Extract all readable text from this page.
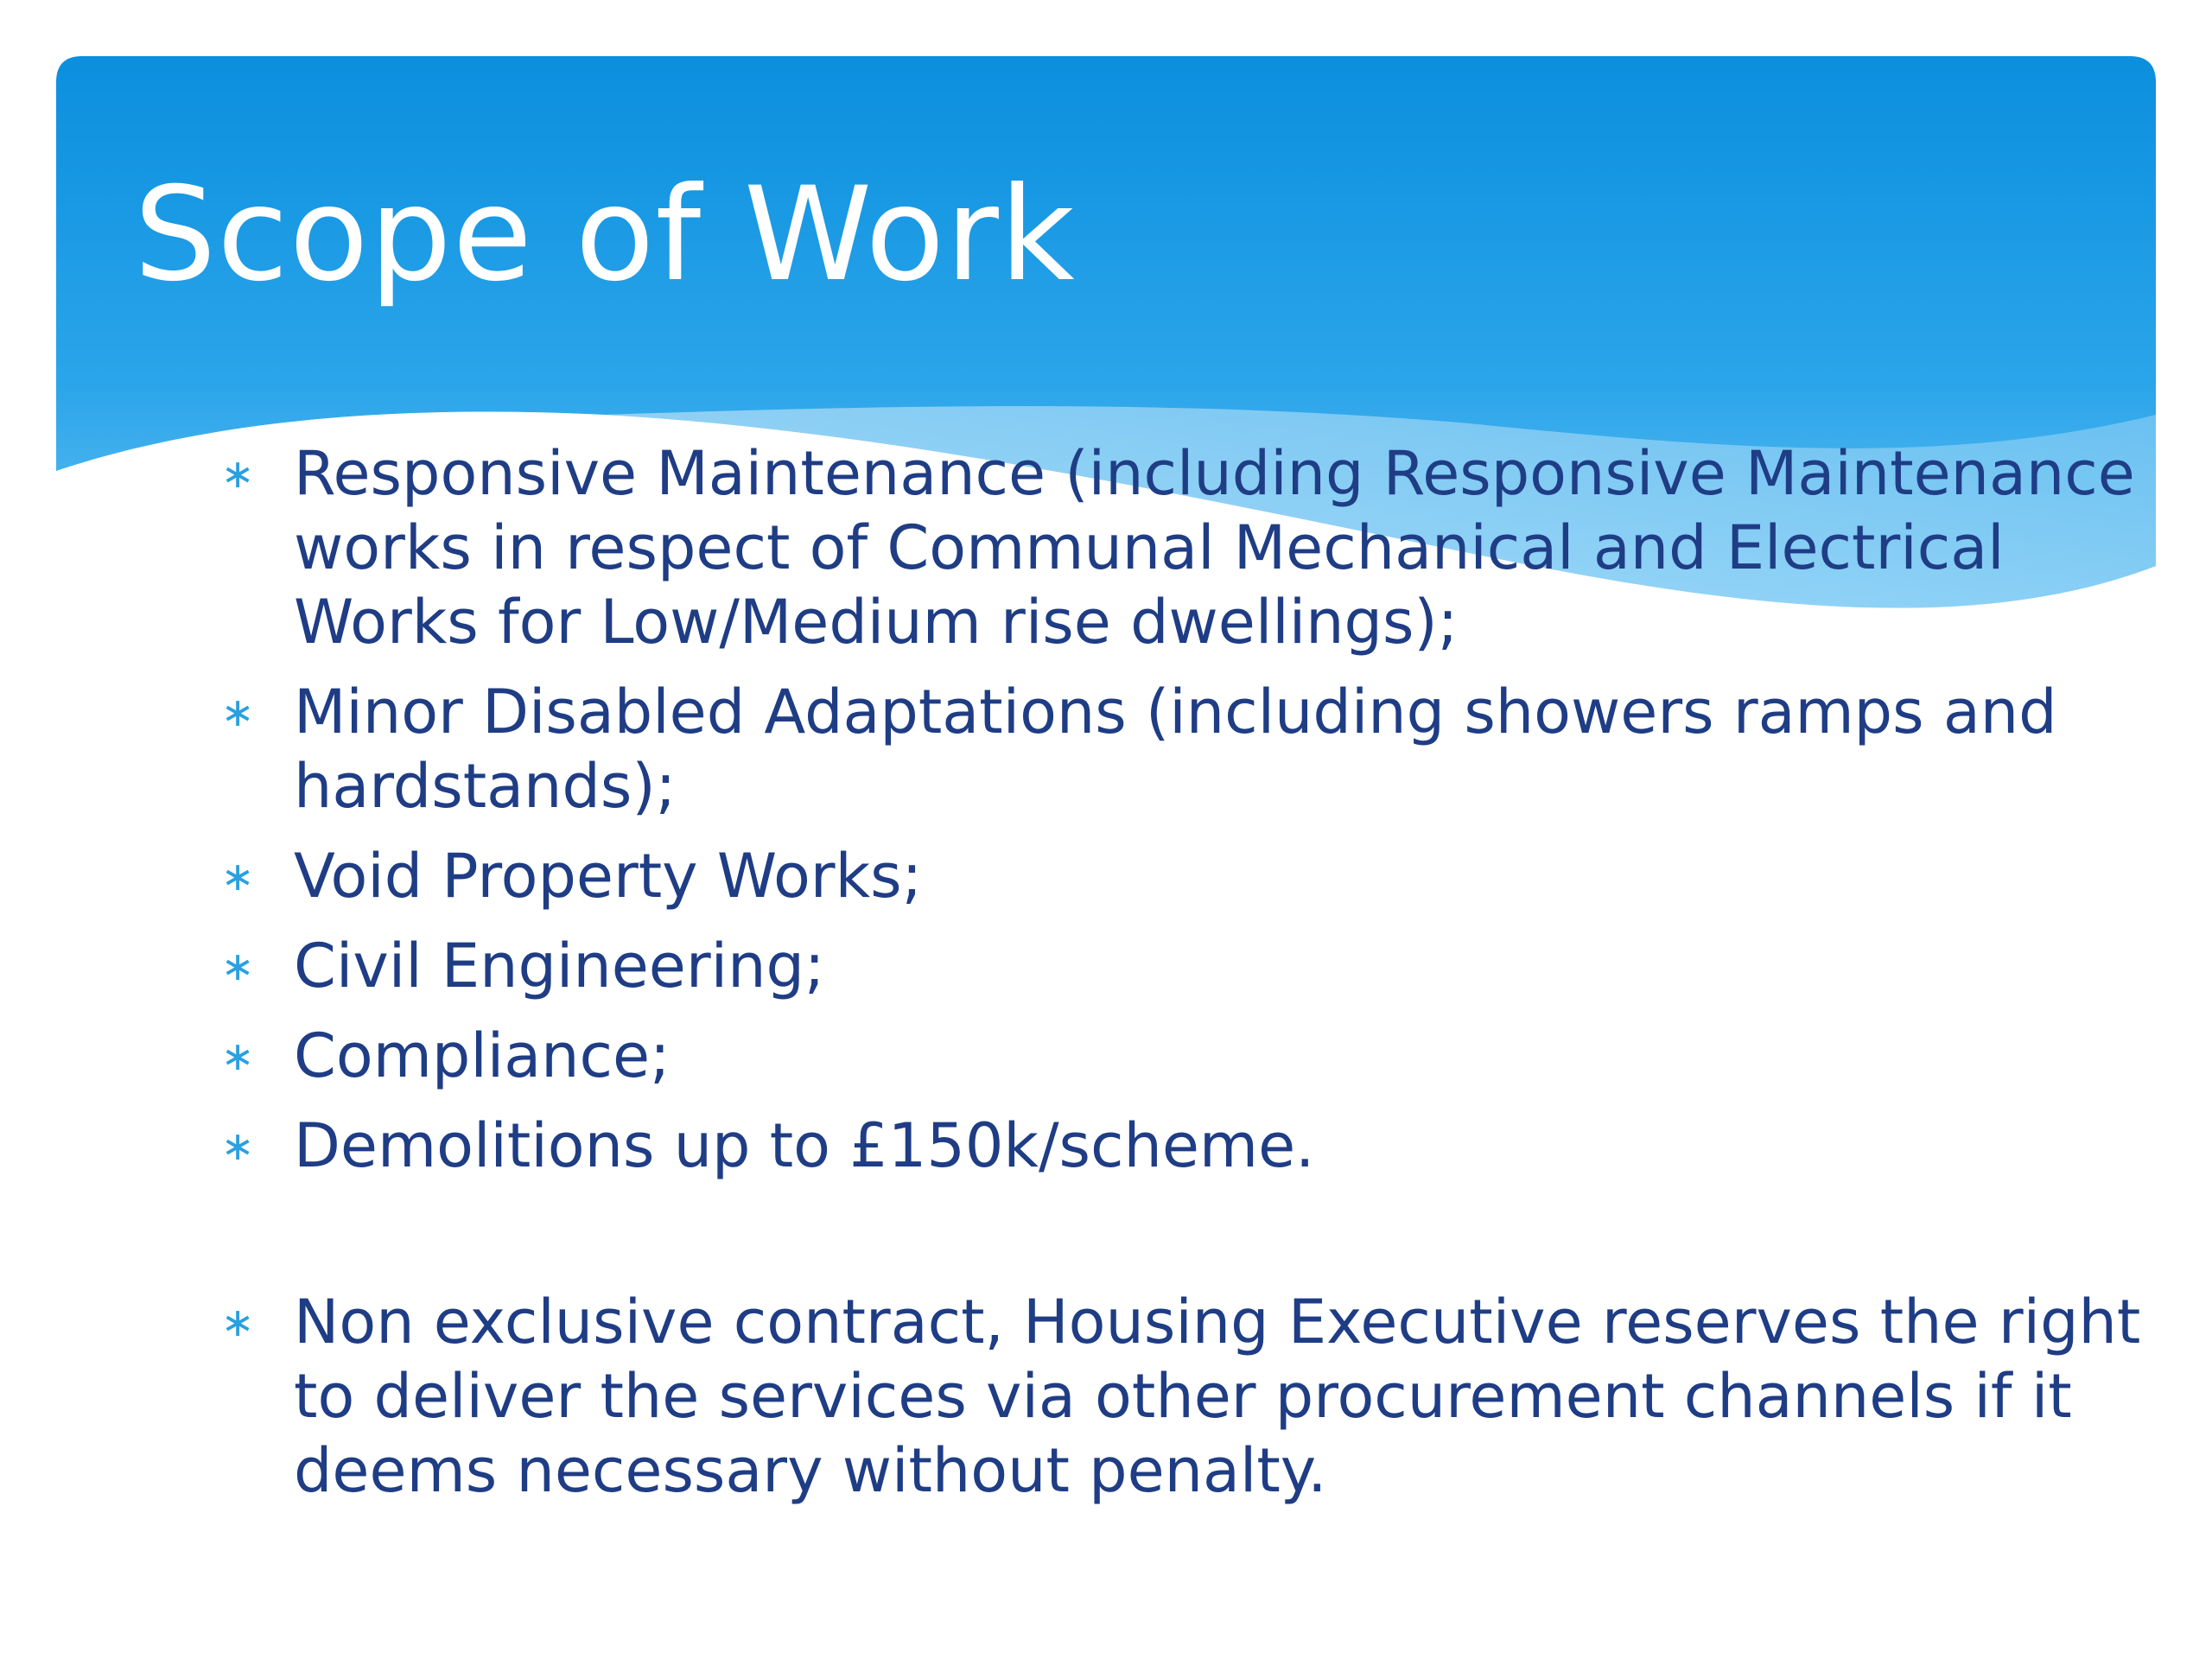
Scope of Work
∗ Responsive Maintenance (including Responsive Maintenance works in respect of Communal Mechanical and Electrical Works for Low/Medium rise dwellings);
∗ Minor Disabled Adaptations (including showers ramps and hardstands);
∗ Void Property Works;
∗ Civil Engineering;
∗ Compliance;
∗ Demolitions up to £150k/scheme.
∗ Non exclusive contract, Housing Executive reserves the right to deliver the services via other procurement channels if it deems necessary without penalty.
